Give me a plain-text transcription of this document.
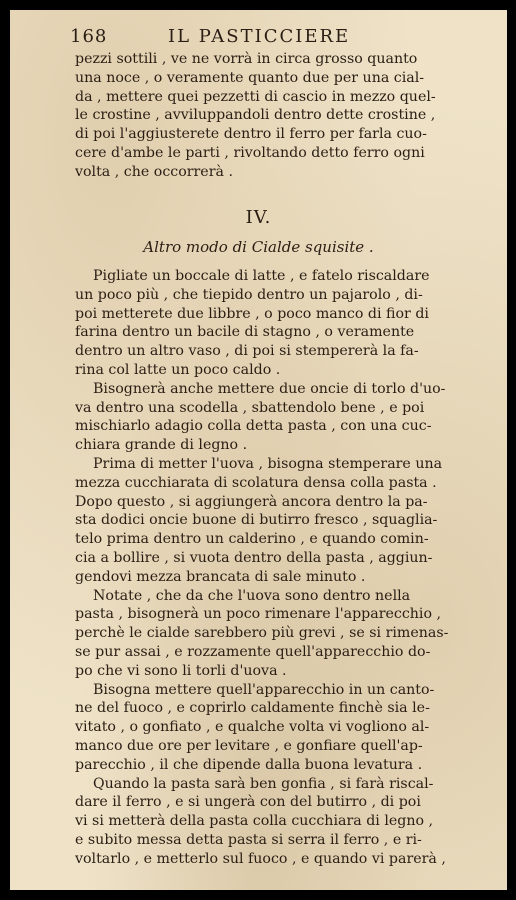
168	IL PASTICCIERE
pezzi sottili , ve ne vorrà in circa grosso quanto
una noce , o veramente quanto due per una cial-
da , mettere quei pezzetti di cascio in mezzo quel-
le crostine , avviluppandoli dentro dette crostine ,
di poi l'aggiusterete dentro il ferro per farla cuo-
cere d'ambe le parti , rivoltando detto ferro ogni
volta , che occorrerà .
IV.
Altro modo di Cialde squisite .
Pigliate un boccale di latte , e fatelo riscaldare
un poco più , che tiepido dentro un pajarolo , di-
poi metterete due libbre , o poco manco di fior di
farina dentro un bacile di stagno , o veramente
dentro un altro vaso , di poi si stempererà la fa-
rina col latte un poco caldo .
Bisognerà anche mettere due oncie di torlo d'uo-
va dentro una scodella , sbattendolo bene , e poi
mischiarlo adagio colla detta pasta , con una cuc-
chiara grande di legno .
Prima di metter l'uova , bisogna stemperare una
mezza cucchiarata di scolatura densa colla pasta .
Dopo questo , si aggiungerà ancora dentro la pa-
sta dodici oncie buone di butirro fresco , squaglia-
telo prima dentro un calderino , e quando comin-
cia a bollire , si vuota dentro della pasta , aggiun-
gendovi mezza brancata di sale minuto .
Notate , che da che l'uova sono dentro nella
pasta , bisognerà un poco rimenare l'apparecchio ,
perchè le cialde sarebbero più grevi , se si rimenas-
se pur assai , e rozzamente quell'apparecchio do-
po che vi sono li torli d'uova .
Bisogna mettere quell'apparecchio in un canto-
ne del fuoco , e coprirlo caldamente finchè sia le-
vitato , o gonfiato , e qualche volta vi vogliono al-
manco due ore per levitare , e gonfiare quell'ap-
parecchio , il che dipende dalla buona levatura .
Quando la pasta sarà ben gonfia , si farà riscal-
dare il ferro , e si ungerà con del butirro , di poi
vi si metterà della pasta colla cucchiara di legno ,
e subito messa detta pasta si serra il ferro , e ri-
voltarlo , e metterlo sul fuoco , e quando vi parerà ,
